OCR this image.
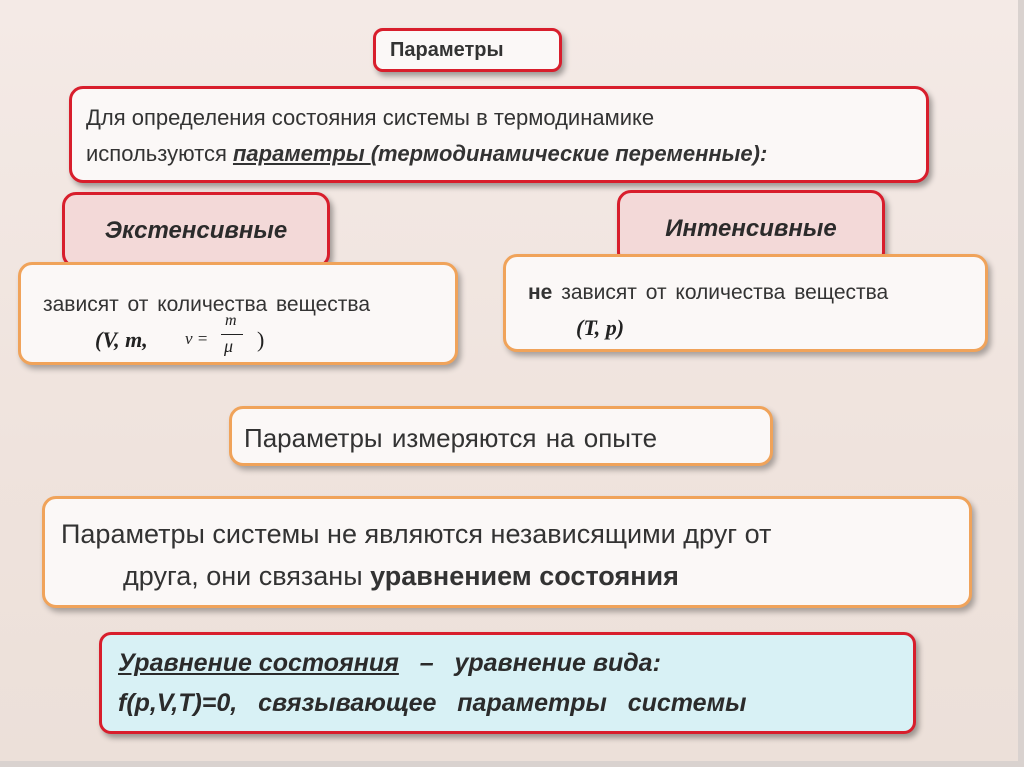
Параметры
Для определения состояния системы в термодинамике
используются параметры (термодинамические переменные):
Экстенсивные	Интенсивные
зависят от количества вещества
(V, m, ν =
m
μ )
не зависят от количества вещества
(T, p)
Параметры измеряются на опыте
Параметры системы не являются независящими друг от
друга, они связаны уравнением состояния
Уравнение состояния   –   уравнение вида:
f(p,V,T)=0,   связывающее   параметры   системы
